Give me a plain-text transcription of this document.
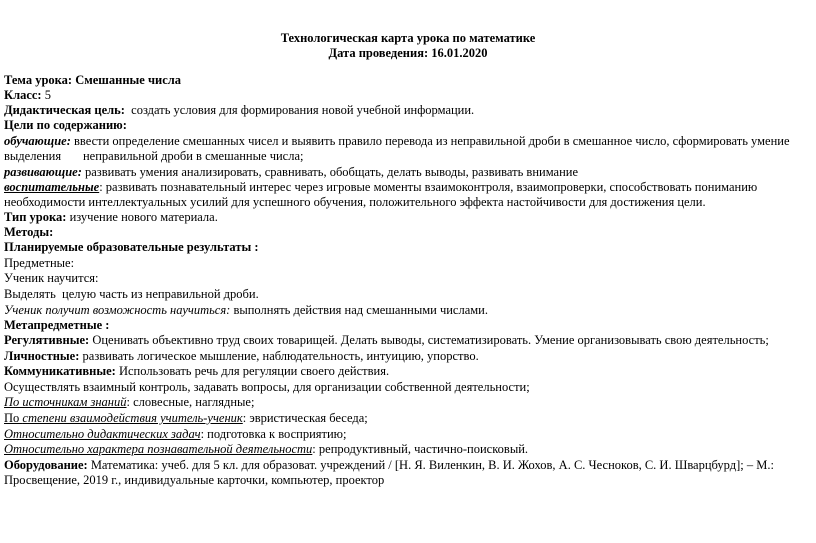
Технологическая карта урока по математике
Дата проведения: 16.01.2020
Тема урока: Смешанные числа
Класс: 5
Дидактическая цель: создать условия для формирования новой учебной информации.
Цели по содержанию:
обучающие: ввести определение смешанных чисел и выявить правило перевода из неправильной дроби в смешанное число, сформировать умение
выделения       неправильной дроби в смешанные числа;
развивающие: развивать умения анализировать, сравнивать, обобщать, делать выводы, развивать внимание
воспитательные: развивать познавательный интерес через игровые моменты взаимоконтроля, взаимопроверки, способствовать пониманию
необходимости интеллектуальных усилий для успешного обучения, положительного эффекта настойчивости для достижения цели.
Тип урока: изучение нового материала.
Методы:
Планируемые образовательные результаты :
Предметные:
Ученик научится:
Выделять  целую часть из неправильной дроби.
Ученик получит возможность научиться: выполнять действия над смешанными числами.
Метапредметные :
Регулятивные: Оценивать объективно труд своих товарищей. Делать выводы, систематизировать. Умение организовывать свою деятельность;
Личностные: развивать логическое мышление, наблюдательность, интуицию, упорство.
Коммуникативные: Использовать речь для регуляции своего действия.
Осуществлять взаимный контроль, задавать вопросы, для организации собственной деятельности;
По источникам знаний: словесные, наглядные;
По степени взаимодействия учитель-ученик: эвристическая беседа;
Относительно дидактических задач: подготовка к восприятию;
Относительно характера познавательной деятельности: репродуктивный, частично-поисковый.
Оборудование: Математика: учеб. для 5 кл. для образоват. учреждений / [Н. Я. Виленкин, В. И. Жохов, А. С. Чесноков, С. И. Шварцбурд]; – М.:
Просвещение, 2019 г., индивидуальные карточки, компьютер, проектор
